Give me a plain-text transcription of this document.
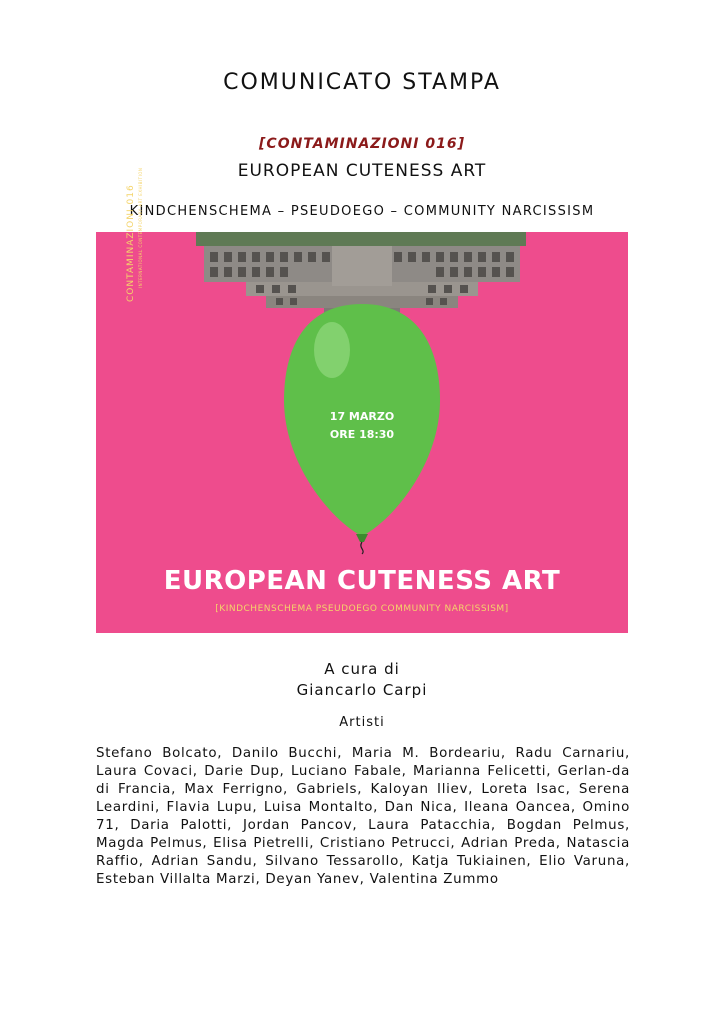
COMUNICATO STAMPA
[CONTAMINAZIONI 016]
EUROPEAN CUTENESS ART
KINDCHENSCHEMA – PSEUDOEGO – COMMUNITY NARCISSISM
CONTAMINAZIONI 016 INTERNATIONAL CONTEMPORARY ART EXHIBITION
17 MARZO
ORE 18:30
EUROPEAN CUTENESS ART
[KINDCHENSCHEMA PSEUDOEGO COMMUNITY NARCISSISM]
A cura di
Giancarlo Carpi
Artisti
Stefano Bolcato, Danilo Bucchi, Maria M. Bordeariu, Radu Carnariu, Laura Covaci, Darie Dup, Luciano Fabale, Marianna Felicetti, Gerlan-da di Francia, Max Ferrigno, Gabriels, Kaloyan Iliev, Loreta Isac, Serena Leardini, Flavia Lupu, Luisa Montalto, Dan Nica, Ileana Oancea, Omino 71, Daria Palotti, Jordan Pancov, Laura Patacchia, Bogdan Pelmus, Magda Pelmus, Elisa Pietrelli, Cristiano Petrucci, Adrian Preda, Natascia Raffio, Adrian Sandu, Silvano Tessarollo, Katja Tukiainen, Elio Varuna, Esteban Villalta Marzi, Deyan Yanev, Valentina Zummo
